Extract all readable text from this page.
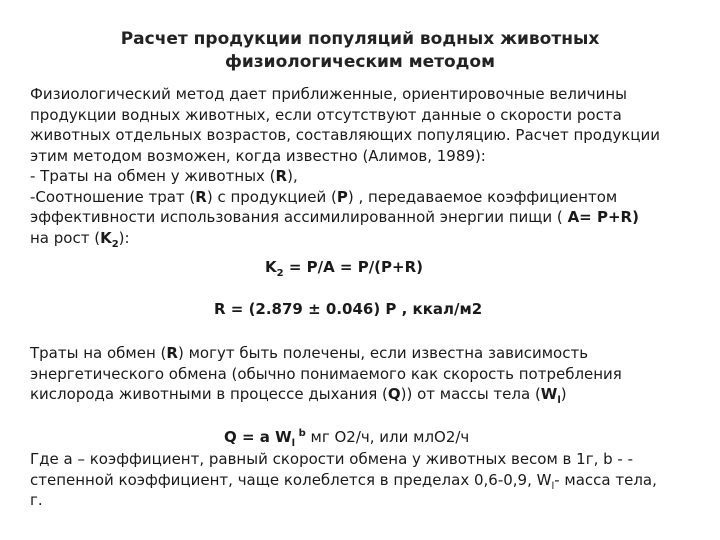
Расчет продукции популяций водных животных
физиологическим методом
Физиологический метод дает приближенные, ориентировочные величины
продукции водных животных, если отсутствуют данные о скорости роста
животных отдельных возрастов, составляющих популяцию. Расчет продукции
этим методом возможен, когда известно (Алимов, 1989):
- Траты на обмен у животных (R),
-Соотношение трат (R) с продукцией (P) , передаваемое коэффициентом
эффективности использования ассимилированной энергии пищи ( A= P+R)
на рост $(K_2)$:
$K_2 = P/A = P/(P+R)$
R = (2.879 ± 0.046) P , ккал/м2
Траты на обмен (R) могут быть полечены, если известна зависимость
энергетического обмена (обычно понимаемого как скорость потребления
кислорода животными в процессе дыхания (Q)) от массы тела $(W_l)$
Q = a $W_l$ $^b$ мг О2/ч, или млО2/ч
Где а – коэффициент, равный скорости обмена у животных весом в 1г, b - -
степенной коэффициент, чаще колеблется в пределах 0,6-0,9, $W_l-$ масса тела,
г.
